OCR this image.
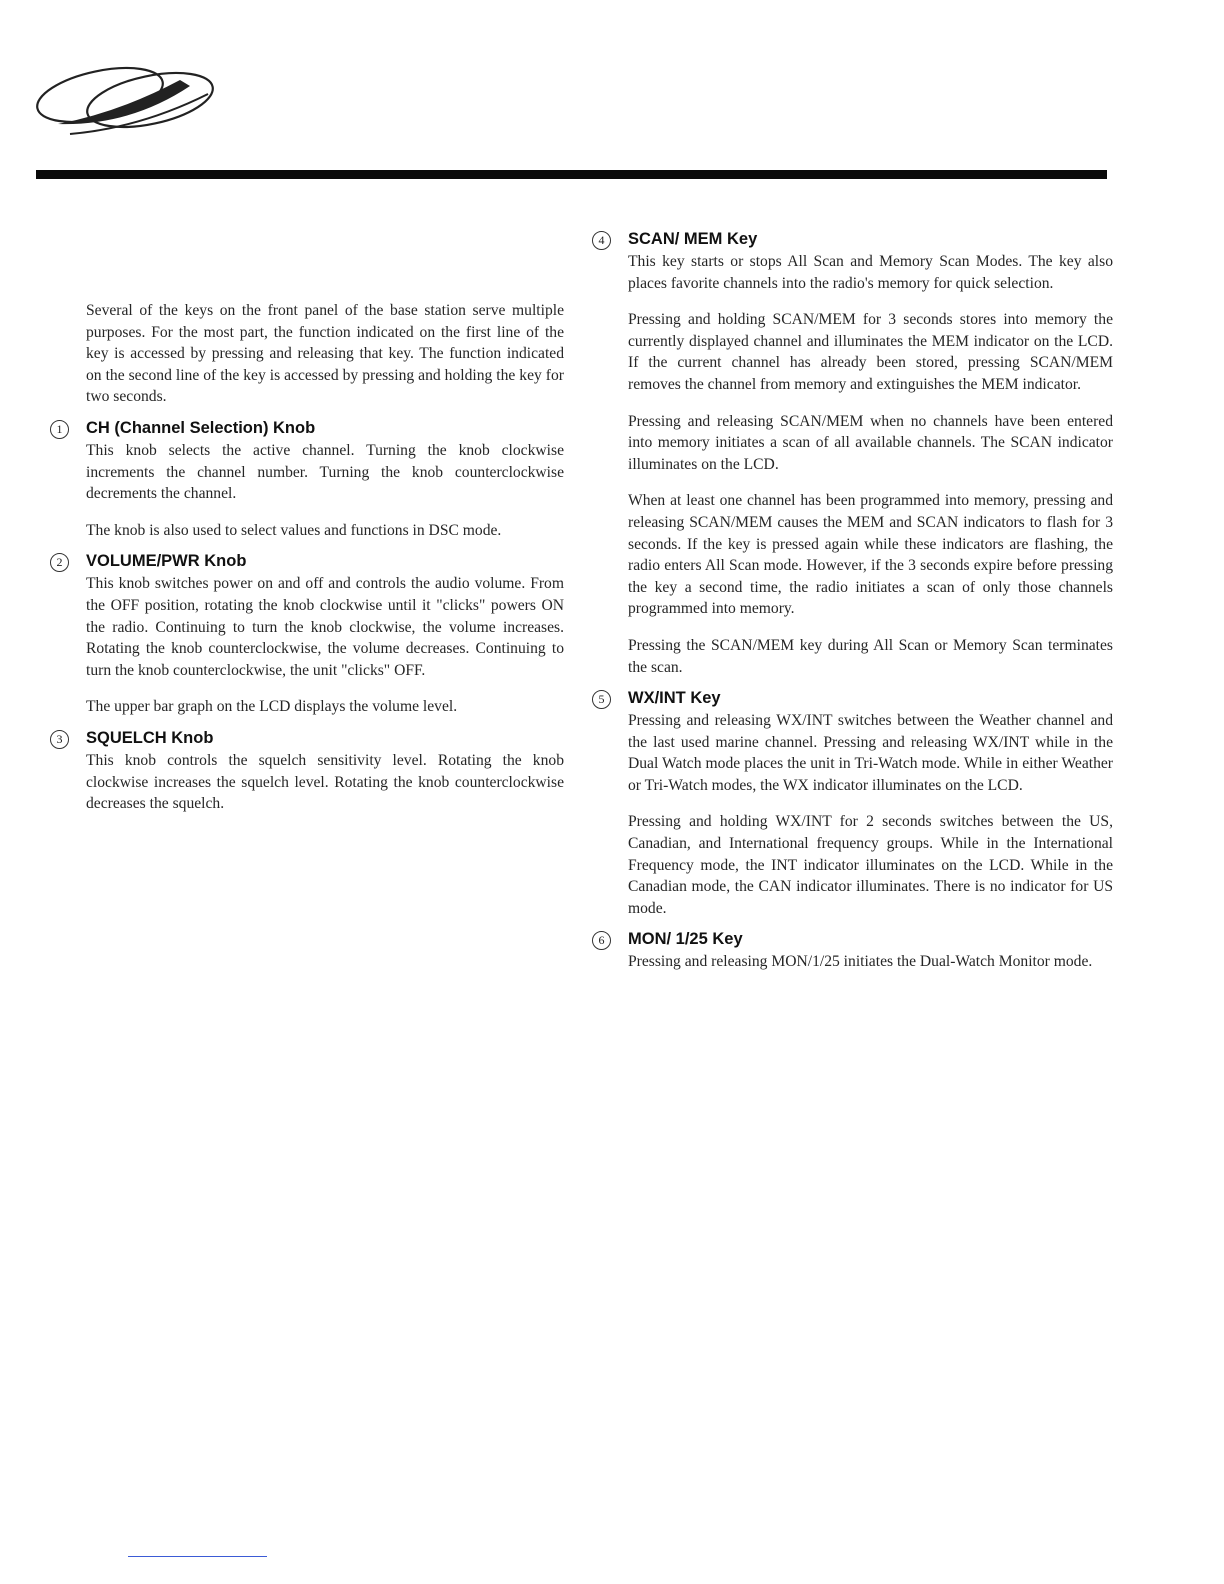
Several of the keys on the front panel of the base station serve multiple purposes. For the most part, the function indicated on the first line of the key is accessed by pressing and releasing that key. The function indicated on the second line of the key is accessed by pressing and holding the key for two seconds.

1	CH (Channel Selection) Knob

This knob selects the active channel. Turning the knob clockwise increments the channel number. Turning the knob counterclockwise decrements the channel.

The knob is also used to select values and functions in DSC mode.

2	VOLUME/PWR Knob

This knob switches power on and off and controls the audio volume. From the OFF position, rotating the knob clockwise until it "clicks" powers ON the radio. Continuing to turn the knob clockwise, the volume increases. Rotating the knob counterclockwise, the volume decreases. Continuing to turn the knob counterclockwise, the unit "clicks" OFF.

The upper bar graph on the LCD displays the volume level.

3	SQUELCH Knob

This knob controls the squelch sensitivity level. Rotating the knob clockwise increases the squelch level. Rotating the knob counterclockwise decreases the squelch.

4	SCAN/ MEM Key

This key starts or stops All Scan and Memory Scan Modes. The key also places favorite channels into the radio's memory for quick selection.

Pressing and holding SCAN/MEM for 3 seconds stores into memory the currently displayed channel and illuminates the MEM indicator on the LCD. If the current channel has already been stored, pressing SCAN/MEM removes the channel from memory and extinguishes the MEM indicator.

Pressing and releasing SCAN/MEM when no channels have been entered into memory initiates a scan of all available channels. The SCAN indicator illuminates on the LCD.

When at least one channel has been programmed into memory, pressing and releasing SCAN/MEM causes the MEM and SCAN indicators to flash for 3 seconds. If the key is pressed again while these indicators are flashing, the radio enters All Scan mode. However, if the 3 seconds expire before pressing the key a second time, the radio initiates a scan of only those channels programmed into memory.

Pressing the SCAN/MEM key during All Scan or Memory Scan terminates the scan.

5	WX/INT Key

Pressing and releasing WX/INT switches between the Weather channel and the last used marine channel. Pressing and releasing WX/INT while in the Dual Watch mode places the unit in Tri-Watch mode. While in either Weather or Tri-Watch modes, the WX indicator illuminates on the LCD.

Pressing and holding WX/INT for 2 seconds switches between the US, Canadian, and International frequency groups. While in the International Frequency mode, the INT indicator illuminates on the LCD. While in the Canadian mode, the CAN indicator illuminates. There is no indicator for US mode.

6	MON/ 1/25 Key

Pressing and releasing MON/1/25 initiates the Dual-Watch Monitor mode.
